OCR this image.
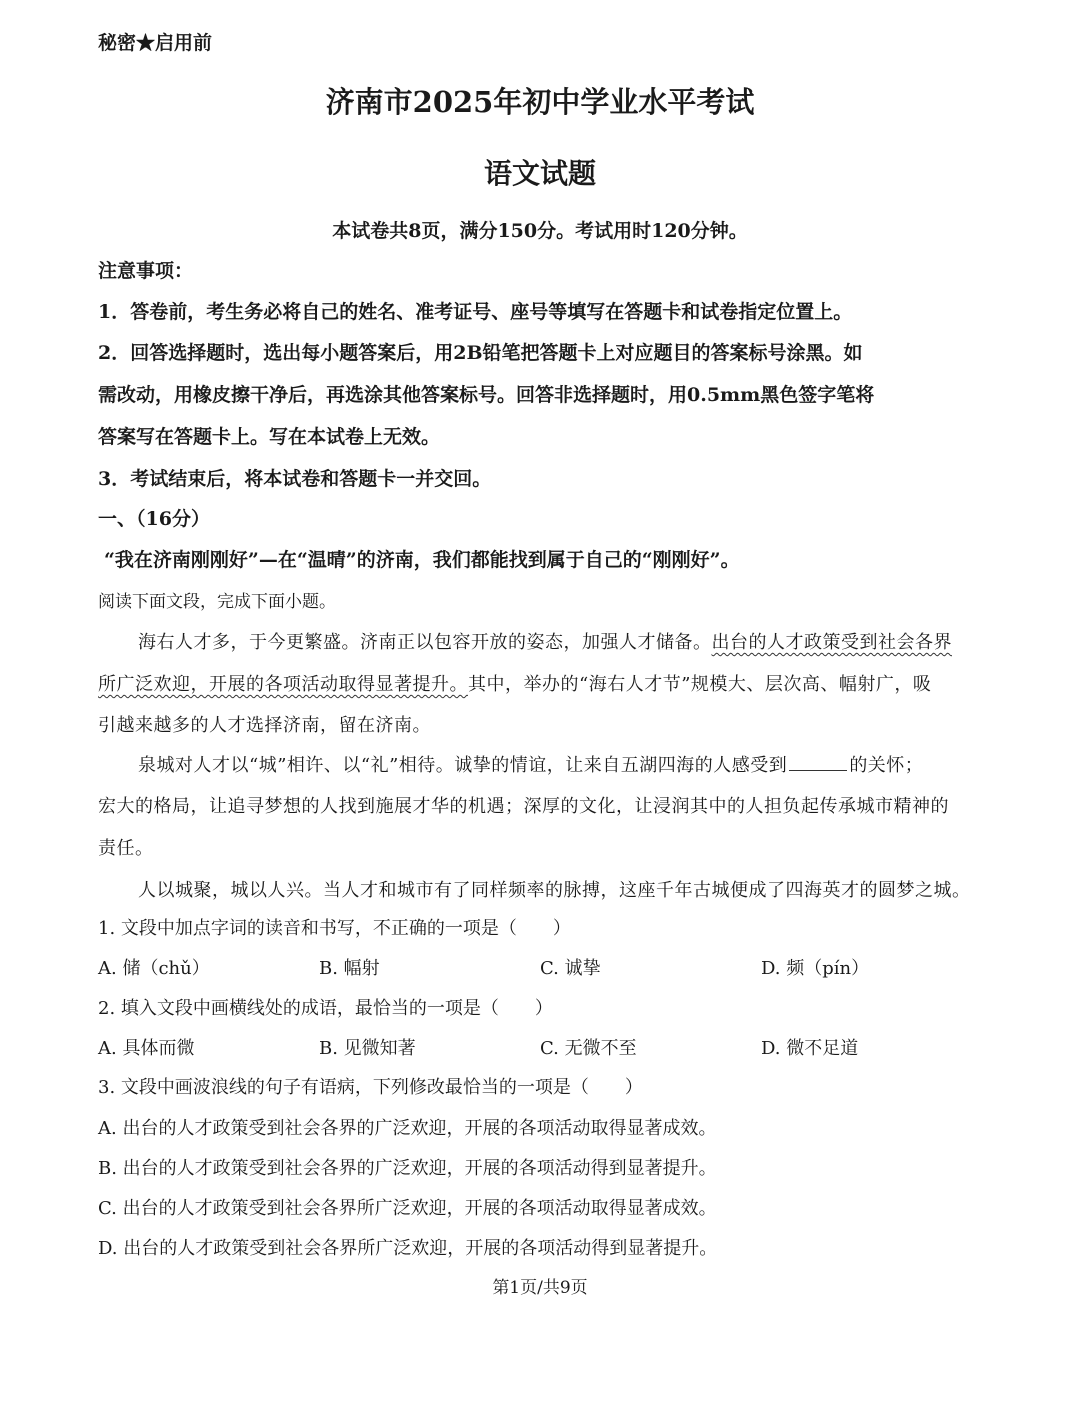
秘密★启用前
济南市2025年初中学业水平考试
语文试题
本试卷共8页，满分150分。考试用时120分钟。
注意事项：
1．答卷前，考生务必将自己的姓名、准考证号、座号等填写在答题卡和试卷指定位置上。
2．回答选择题时，选出每小题答案后，用2B铅笔把答题卡上对应题目的答案标号涂黑。如
需改动，用橡皮擦干净后，再选涂其他答案标号。回答非选择题时，用0.5mm黑色签字笔将
答案写在答题卡上。写在本试卷上无效。
3．考试结束后，将本试卷和答题卡一并交回。
一、（16分）
“我在济南刚刚好”—在“温晴”的济南，我们都能找到属于自己的“刚刚好”。
阅读下面文段，完成下面小题。
海右人才多，于今更繁盛。济南正以包容开放的姿态，加强人才储备。出台的人才政策受到社会各界
所广泛欢迎，开展的各项活动取得显著提升。其中，举办的“海右人才节”规模大、层次高、幅射广，吸
引越来越多的人才选择济南，留在济南。
泉城对人才以“城”相许、以“礼”相待。诚挚的情谊，让来自五湖四海的人感受到	的关怀；
宏大的格局，让追寻梦想的人找到施展才华的机遇；深厚的文化，让浸润其中的人担负起传承城市精神的
责任。
人以城聚，城以人兴。当人才和城市有了同样频率的脉搏，这座千年古城便成了四海英才的圆梦之城。
1. 文段中加点字词的读音和书写，不正确的一项是（　　）
A. 储（chǔ）	B. 幅射	C. 诚挚	D. 频（pín）
2. 填入文段中画横线处的成语，最恰当的一项是（　　）
A. 具体而微	B. 见微知著	C. 无微不至	D. 微不足道
3. 文段中画波浪线的句子有语病，下列修改最恰当的一项是（　　）
A. 出台的人才政策受到社会各界的广泛欢迎，开展的各项活动取得显著成效。
B. 出台的人才政策受到社会各界的广泛欢迎，开展的各项活动得到显著提升。
C. 出台的人才政策受到社会各界所广泛欢迎，开展的各项活动取得显著成效。
D. 出台的人才政策受到社会各界所广泛欢迎，开展的各项活动得到显著提升。
第1页/共9页
